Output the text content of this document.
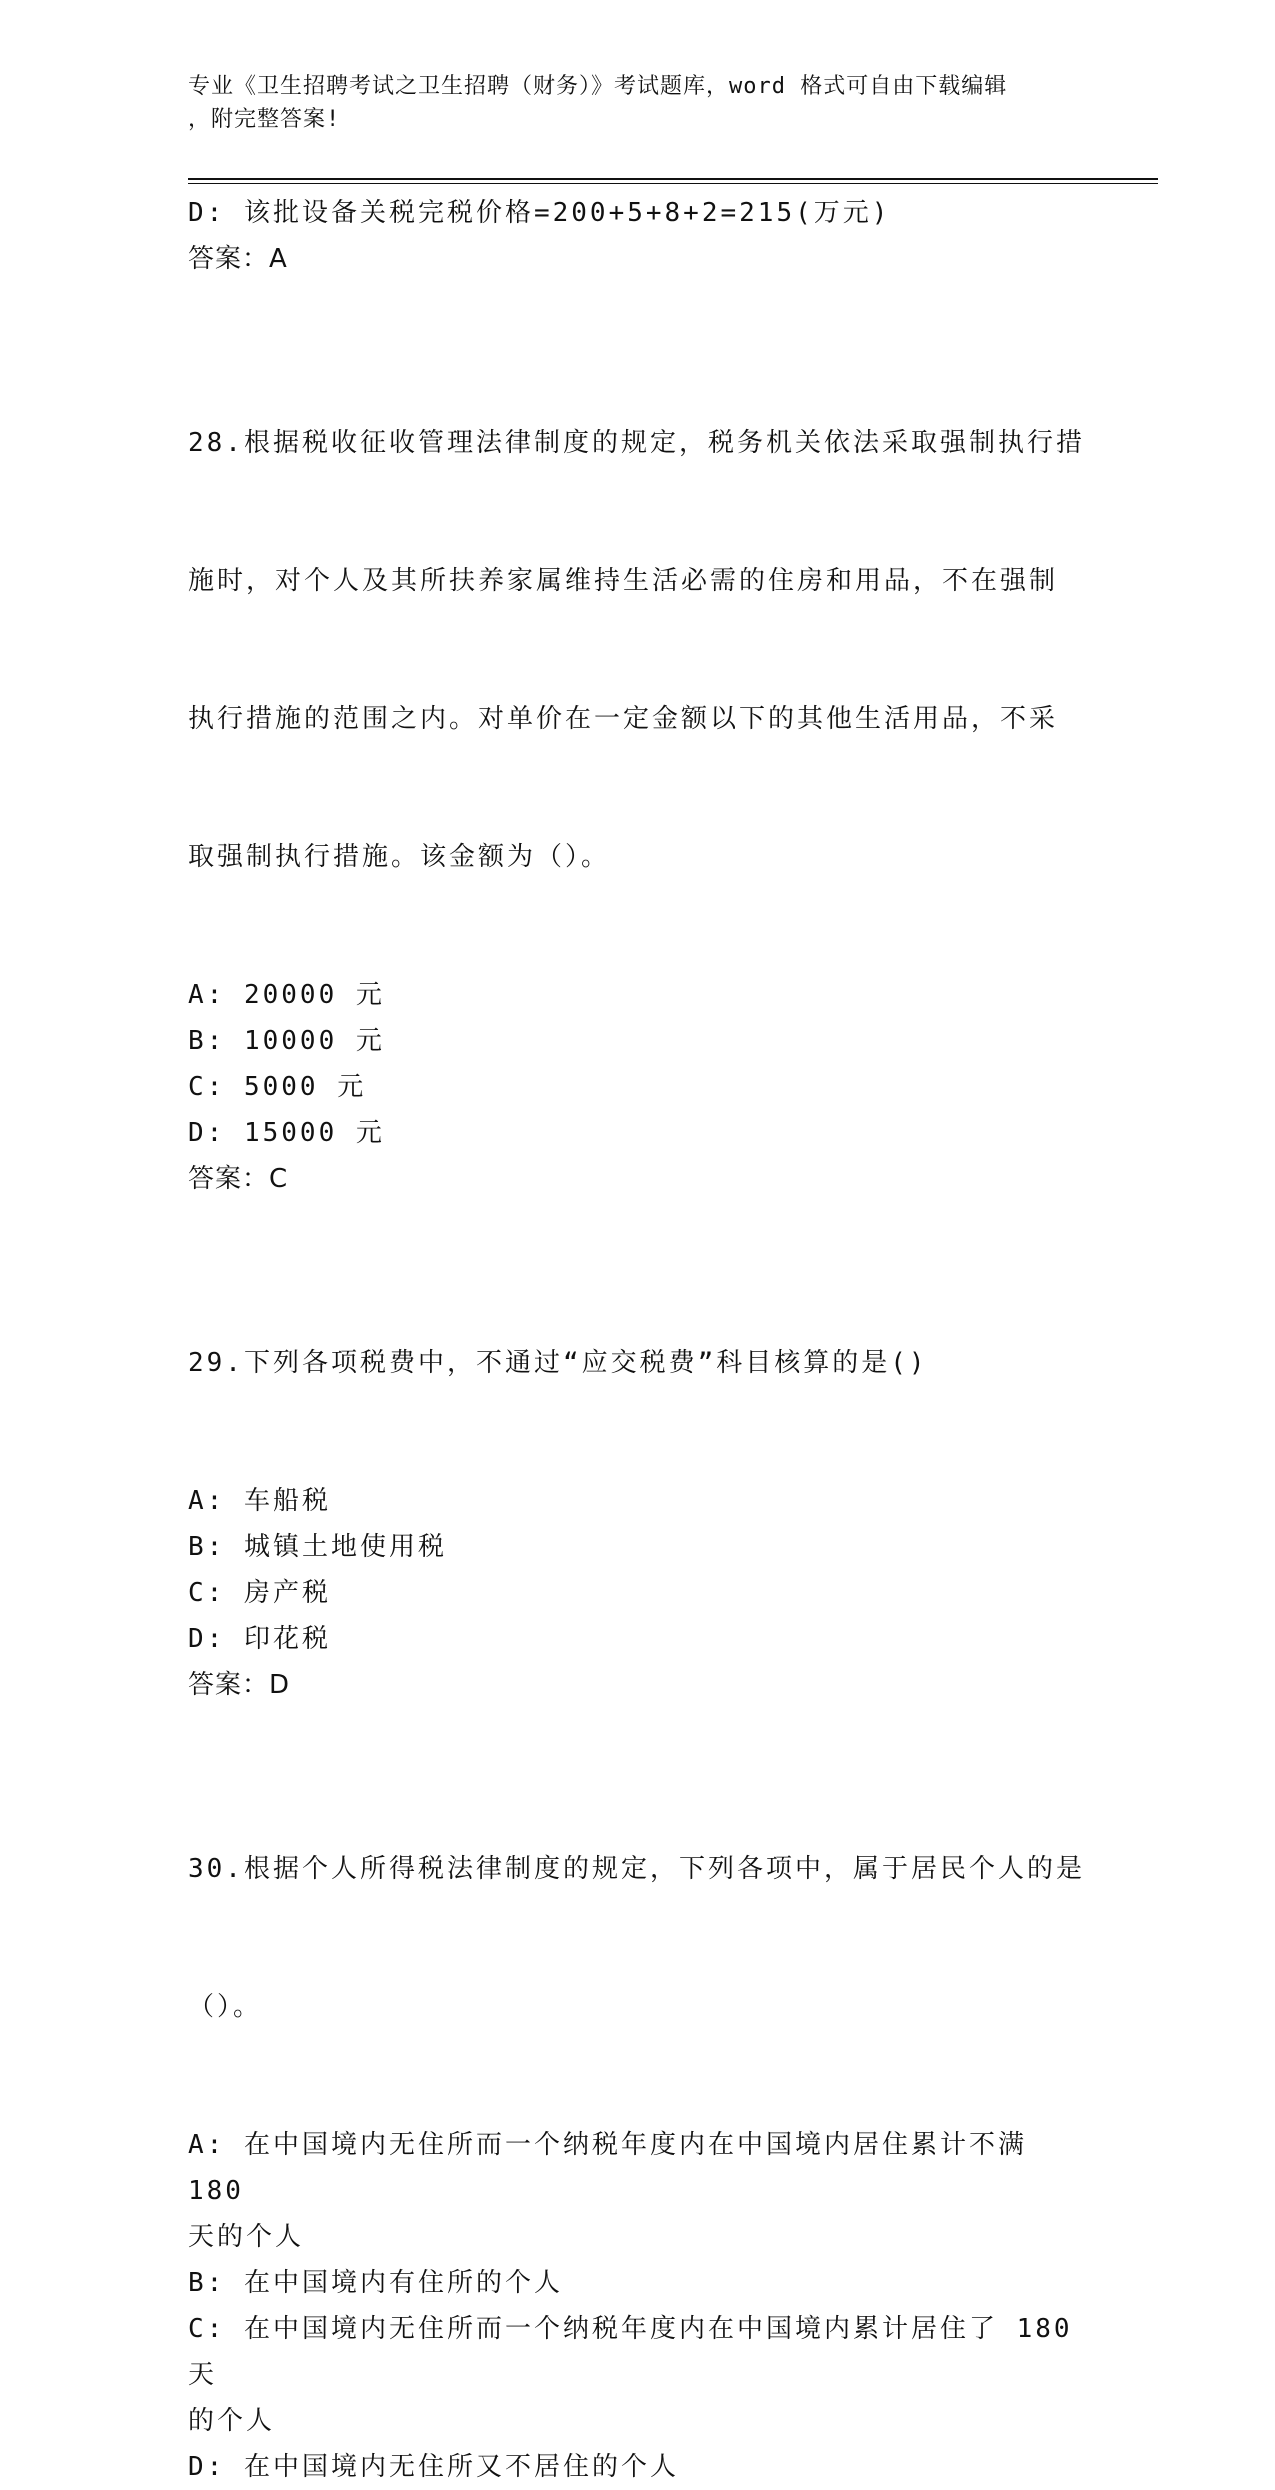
专业《卫生招聘考试之卫生招聘（财务）》考试题库，word 格式可自由下载编辑
，附完整答案!
D: 该批设备关税完税价格=200+5+8+2=215(万元)
答案：A

28.根据税收征收管理法律制度的规定，税务机关依法采取强制执行措

施时，对个人及其所扶养家属维持生活必需的住房和用品，不在强制

执行措施的范围之内。对单价在一定金额以下的其他生活用品，不采

取强制执行措施。该金额为（）。

A: 20000 元
B: 10000 元
C: 5000 元
D: 15000 元
答案：C

29.下列各项税费中，不通过“应交税费”科目核算的是()

A: 车船税
B: 城镇土地使用税
C: 房产税
D: 印花税
答案：D

30.根据个人所得税法律制度的规定，下列各项中，属于居民个人的是

（）。

A: 在中国境内无住所而一个纳税年度内在中国境内居住累计不满 180
天的个人
B: 在中国境内有住所的个人
C: 在中国境内无住所而一个纳税年度内在中国境内累计居住了 180 天
的个人
D: 在中国境内无住所又不居住的个人
